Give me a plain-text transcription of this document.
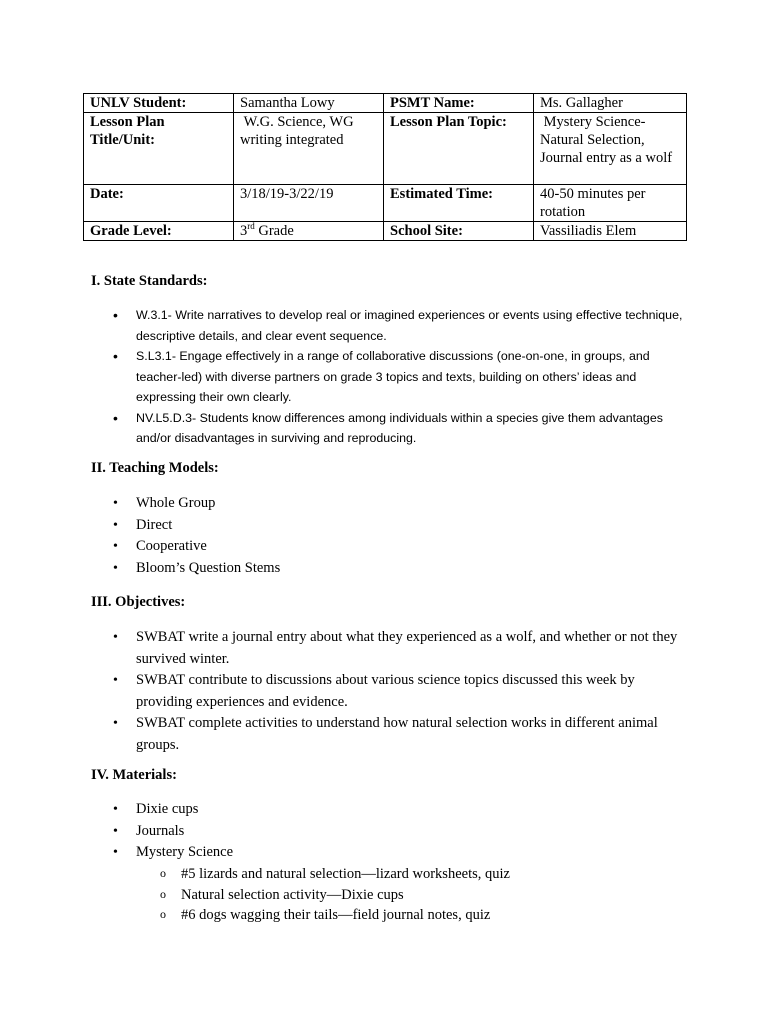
UNLV Student:	Samantha Lowy	PSMT Name:	Ms. Gallagher
Lesson Plan Title/Unit:	W.G. Science, WG writing integrated	Lesson Plan Topic:	Mystery Science- Natural Selection, Journal entry as a wolf
Date:	3/18/19-3/22/19	Estimated Time:	40-50 minutes per rotation
Grade Level:	3rd Grade	School Site:	Vassiliadis Elem
I. State Standards:
• W.3.1- Write narratives to develop real or imagined experiences or events using effective technique, descriptive details, and clear event sequence.
• S.L3.1- Engage effectively in a range of collaborative discussions (one-on-one, in groups, and teacher-led) with diverse partners on grade 3 topics and texts, building on others’ ideas and expressing their own clearly.
• NV.L5.D.3- Students know differences among individuals within a species give them advantages and/or disadvantages in surviving and reproducing.
II. Teaching Models:
• Whole Group
• Direct
• Cooperative
• Bloom’s Question Stems
III. Objectives:
• SWBAT write a journal entry about what they experienced as a wolf, and whether or not they survived winter.
• SWBAT contribute to discussions about various science topics discussed this week by providing experiences and evidence.
• SWBAT complete activities to understand how natural selection works in different animal groups.
IV. Materials:
• Dixie cups
• Journals
• Mystery Science
o #5 lizards and natural selection—lizard worksheets, quiz
o Natural selection activity—Dixie cups
o #6 dogs wagging their tails—field journal notes, quiz
